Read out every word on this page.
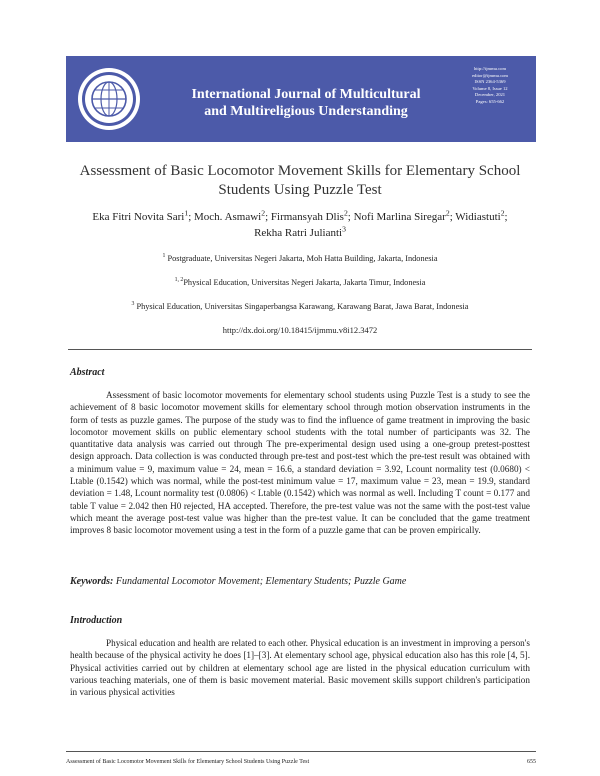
International Journal of Multicultural and Multireligious Understanding
http://ijmmu.com
editor@ijmmu.com
ISSN 2364-5369
Volume 8, Issue 12
December, 2021
Pages: 655-662
Assessment of Basic Locomotor Movement Skills for Elementary School Students Using Puzzle Test
Eka Fitri Novita Sari$^1$; Moch. Asmawi$^2$; Firmansyah Dlis$^2$; Nofi Marlina Siregar$^2$; Widiastuti$^2$;
Rekha Ratri Julianti$^3$
$^1$ Postgraduate, Universitas Negeri Jakarta, Moh Hatta Building, Jakarta, Indonesia
$^{1, 2}$Physical Education, Universitas Negeri Jakarta, Jakarta Timur, Indonesia
$^3$ Physical Education, Universitas Singaperbangsa Karawang, Karawang Barat, Jawa Barat, Indonesia
http://dx.doi.org/10.18415/ijmmu.v8i12.3472
Abstract
Assessment of basic locomotor movements for elementary school students using Puzzle Test is a study to see the achievement of 8 basic locomotor movement skills for elementary school through motion observation instruments in the form of tests as puzzle games. The purpose of the study was to find the influence of game treatment in improving the basic locomotor movement skills on public elementary school students with the total number of participants was 32. The quantitative data analysis was carried out through The pre-experimental design used using a one-group pretest-posttest design approach. Data collection is was conducted through pre-test and post-test which the pre-test result was obtained with a minimum value = 9, maximum value = 24, mean = 16.6, a standard deviation = 3.92, Lcount normality test (0.0680) < Ltable (0.1542) which was normal, while the post-test minimum value = 17, maximum value = 23, mean = 19.9, standard deviation = 1.48, Lcount normality test (0.0806) < Ltable (0.1542) which was normal as well. Including T count = 0.177 and table T value = 2.042 then H0 rejected, HA accepted. Therefore, the pre-test value was not the same with the post-test value which meant the average post-test value was higher than the pre-test value. It can be concluded that the game treatment improves 8 basic locomotor movement using a test in the form of a puzzle game that can be proven empirically.
Keywords: Fundamental Locomotor Movement; Elementary Students; Puzzle Game
Introduction
Physical education and health are related to each other. Physical education is an investment in improving a person's health because of the physical activity he does [1]–[3]. At elementary school age, physical education also has this role [4, 5]. Physical activities carried out by children at elementary school age are listed in the physical education curriculum with various teaching materials, one of them is basic movement material. Basic movement skills support children's participation in various physical activities
Assessment of Basic Locomotor Movement Skills for Elementary School Students Using Puzzle Test	655
